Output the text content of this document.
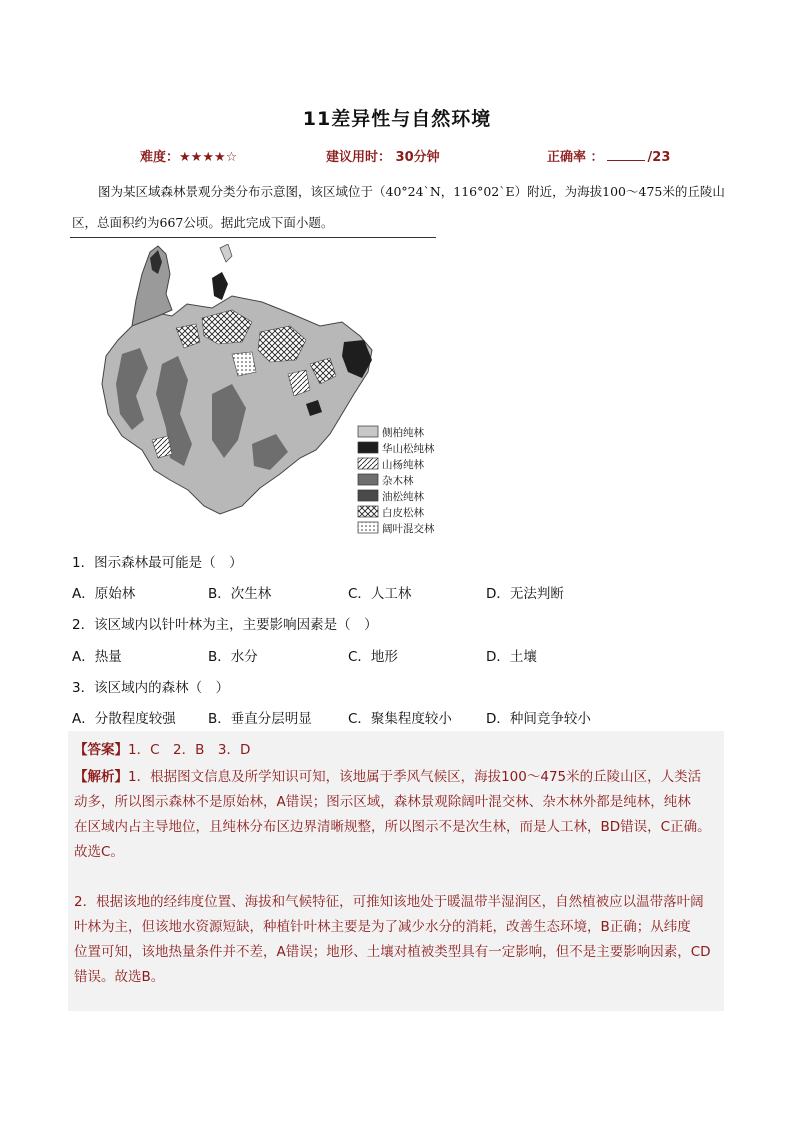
11差异性与自然环境
难度：★★★★☆	建议用时： 30分钟	正确率 ：	/23

图为某区域森林景观分类分布示意图，该区域位于（40°24`N，116°02`E）附近，为海拔100～475米的丘陵山区，总面积约为667公顷。据此完成下面小题。

侧柏纯林
华山松纯林
山杨纯林
杂木林
油松纯林
白皮松林
阔叶混交林
1．图示森林最可能是（　）
A．原始林	B．次生林	C．人工林	D．无法判断
2．该区域内以针叶林为主，主要影响因素是（　）
A．热量	B．水分	C．地形	D．土壤
3．该区域内的森林（　）
A．分散程度较强 B．垂直分层明显	C．聚集程度较小	D．种间竞争较小
【答案】1．C　2．B　3．D
【解析】1．根据图文信息及所学知识可知，该地属于季风气候区，海拔100～475米的丘陵山区，人类活
动多，所以图示森林不是原始林，A错误；图示区域，森林景观除阔叶混交林、杂木林外都是纯林，纯林
在区域内占主导地位，且纯林分布区边界清晰规整，所以图示不是次生林，而是人工林，BD错误，C正确。
故选C。
2．根据该地的经纬度位置、海拔和气候特征，可推知该地处于暖温带半湿润区，自然植被应以温带落叶阔
叶林为主，但该地水资源短缺，种植针叶林主要是为了减少水分的消耗，改善生态环境，B正确；从纬度
位置可知，该地热量条件并不差，A错误；地形、土壤对植被类型具有一定影响，但不是主要影响因素，CD
错误。故选B。
